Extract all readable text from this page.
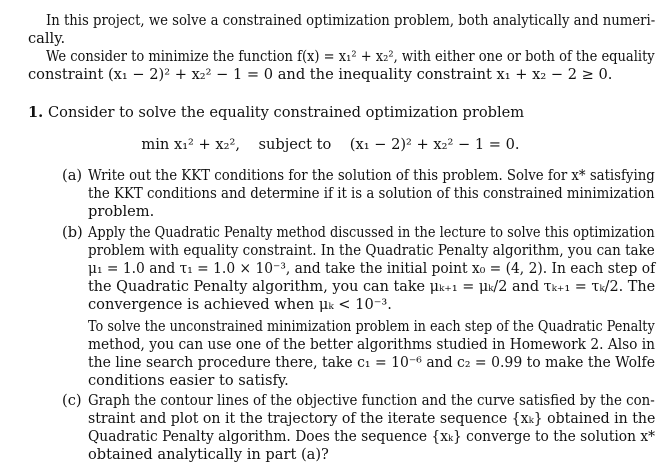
In this project, we solve a constrained optimization problem, both analytically and numeri-
cally.
We consider to minimize the function f(x) = x₁² + x₂², with either one or both of the equality
constraint (x₁ − 2)² + x₂² − 1 = 0 and the inequality constraint x₁ + x₂ − 2 ≥ 0.
1. Consider to solve the equality constrained optimization problem
min x₁² + x₂²,    subject to    (x₁ − 2)² + x₂² − 1 = 0.
(a) Write out the KKT conditions for the solution of this problem. Solve for x* satisfying
the KKT conditions and determine if it is a solution of this constrained minimization
problem.
(b) Apply the Quadratic Penalty method discussed in the lecture to solve this optimization
problem with equality constraint. In the Quadratic Penalty algorithm, you can take
μ₁ = 1.0 and τ₁ = 1.0 × 10⁻³, and take the initial point x₀ = (4, 2). In each step of
the Quadratic Penalty algorithm, you can take μₖ₊₁ = μₖ/2 and τₖ₊₁ = τₖ/2. The
convergence is achieved when μₖ < 10⁻³.
To solve the unconstrained minimization problem in each step of the Quadratic Penalty
method, you can use one of the better algorithms studied in Homework 2. Also in
the line search procedure there, take c₁ = 10⁻⁶ and c₂ = 0.99 to make the Wolfe
conditions easier to satisfy.
(c) Graph the contour lines of the objective function and the curve satisfied by the con-
straint and plot on it the trajectory of the iterate sequence {xₖ} obtained in the
Quadratic Penalty algorithm. Does the sequence {xₖ} converge to the solution x*
obtained analytically in part (a)?
